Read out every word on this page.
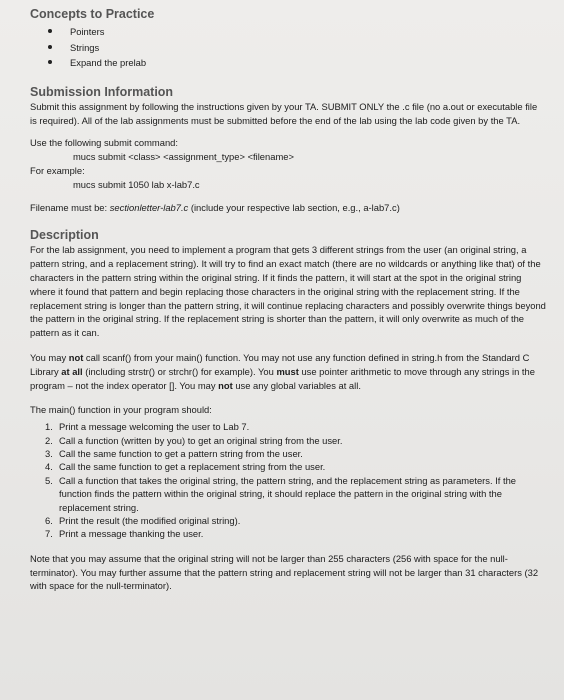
Concepts to Practice
Pointers
Strings
Expand the prelab
Submission Information

Submit this assignment by following the instructions given by your TA. SUBMIT ONLY the .c file (no a.out or executable file is required). All of the lab assignments must be submitted before the end of the lab using the lab code given by the TA.

Use the following submit command:

mucs submit <class> <assignment_type> <filename>

For example:

mucs submit 1050 lab x-lab7.c

Filename must be: sectionletter-lab7.c (include your respective lab section, e.g., a-lab7.c)

Description

For the lab assignment, you need to implement a program that gets 3 different strings from the user (an original string, a pattern string, and a replacement string). It will try to find an exact match (there are no wildcards or anything like that) of the characters in the pattern string within the original string. If it finds the pattern, it will start at the spot in the original string where it found that pattern and begin replacing those characters in the original string with the replacement string. If the replacement string is longer than the pattern string, it will continue replacing characters and possibly overwrite things beyond the pattern in the original string. If the replacement string is shorter than the pattern, it will only overwrite as much of the pattern as it can.

You may not call scanf() from your main() function. You may not use any function defined in string.h from the Standard C Library at all (including strstr() or strchr() for example). You must use pointer arithmetic to move through any strings in the program – not the index operator []. You may not use any global variables at all.

The main() function in your program should:

1. Print a message welcoming the user to Lab 7.
2. Call a function (written by you) to get an original string from the user.
3. Call the same function to get a pattern string from the user.
4. Call the same function to get a replacement string from the user.
5. Call a function that takes the original string, the pattern string, and the replacement string as parameters. If the function finds the pattern within the original string, it should replace the pattern in the original string with the replacement string.
6. Print the result (the modified original string).
7. Print a message thanking the user.

Note that you may assume that the original string will not be larger than 255 characters (256 with space for the null-terminator). You may further assume that the pattern string and replacement string will not be larger than 31 characters (32 with space for the null-terminator).
